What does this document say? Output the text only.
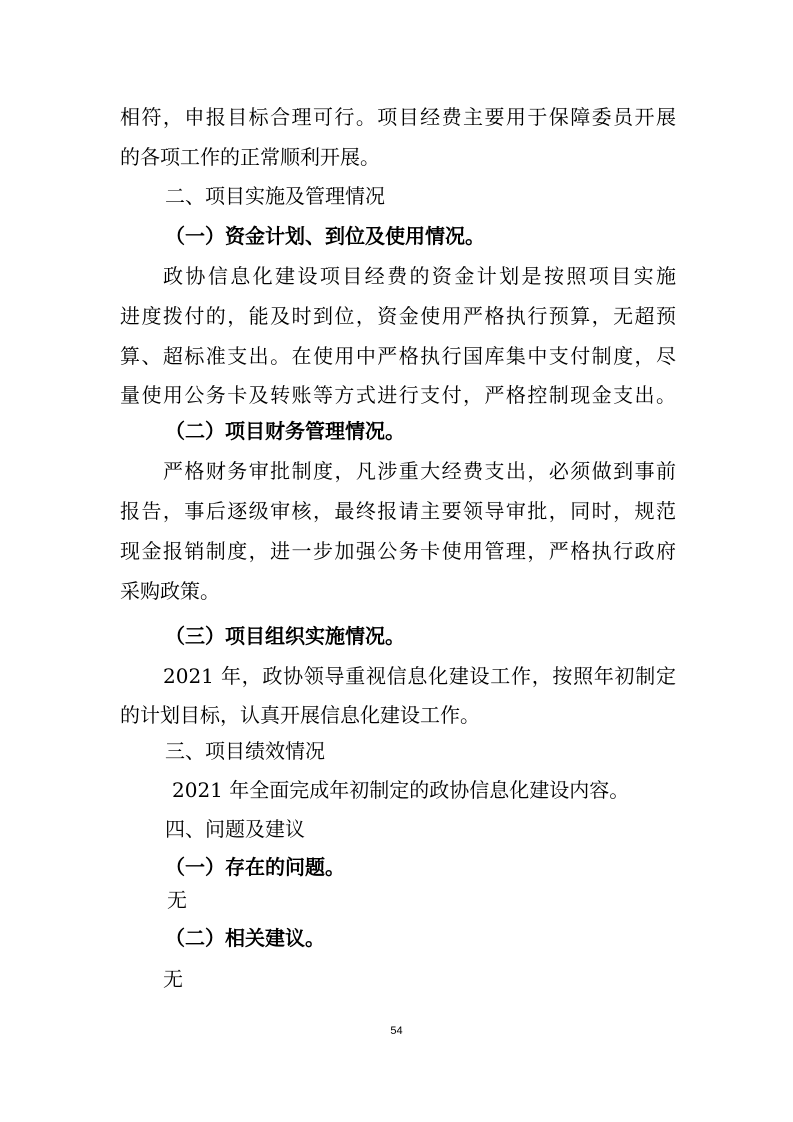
相符，申报目标合理可行。项目经费主要用于保障委员开展
的各项工作的正常顺利开展。
二、项目实施及管理情况
（一）资金计划、到位及使用情况。
政协信息化建设项目经费的资金计划是按照项目实施
进度拨付的，能及时到位，资金使用严格执行预算，无超预
算、超标准支出。在使用中严格执行国库集中支付制度，尽
量使用公务卡及转账等方式进行支付，严格控制现金支出。
（二）项目财务管理情况。
严格财务审批制度，凡涉重大经费支出，必须做到事前
报告，事后逐级审核，最终报请主要领导审批，同时，规范
现金报销制度，进一步加强公务卡使用管理，严格执行政府
采购政策。
（三）项目组织实施情况。
2021 年，政协领导重视信息化建设工作，按照年初制定
的计划目标，认真开展信息化建设工作。
三、项目绩效情况
2021 年全面完成年初制定的政协信息化建设内容。
四、问题及建议
（一）存在的问题。
无
（二）相关建议。
无
54
